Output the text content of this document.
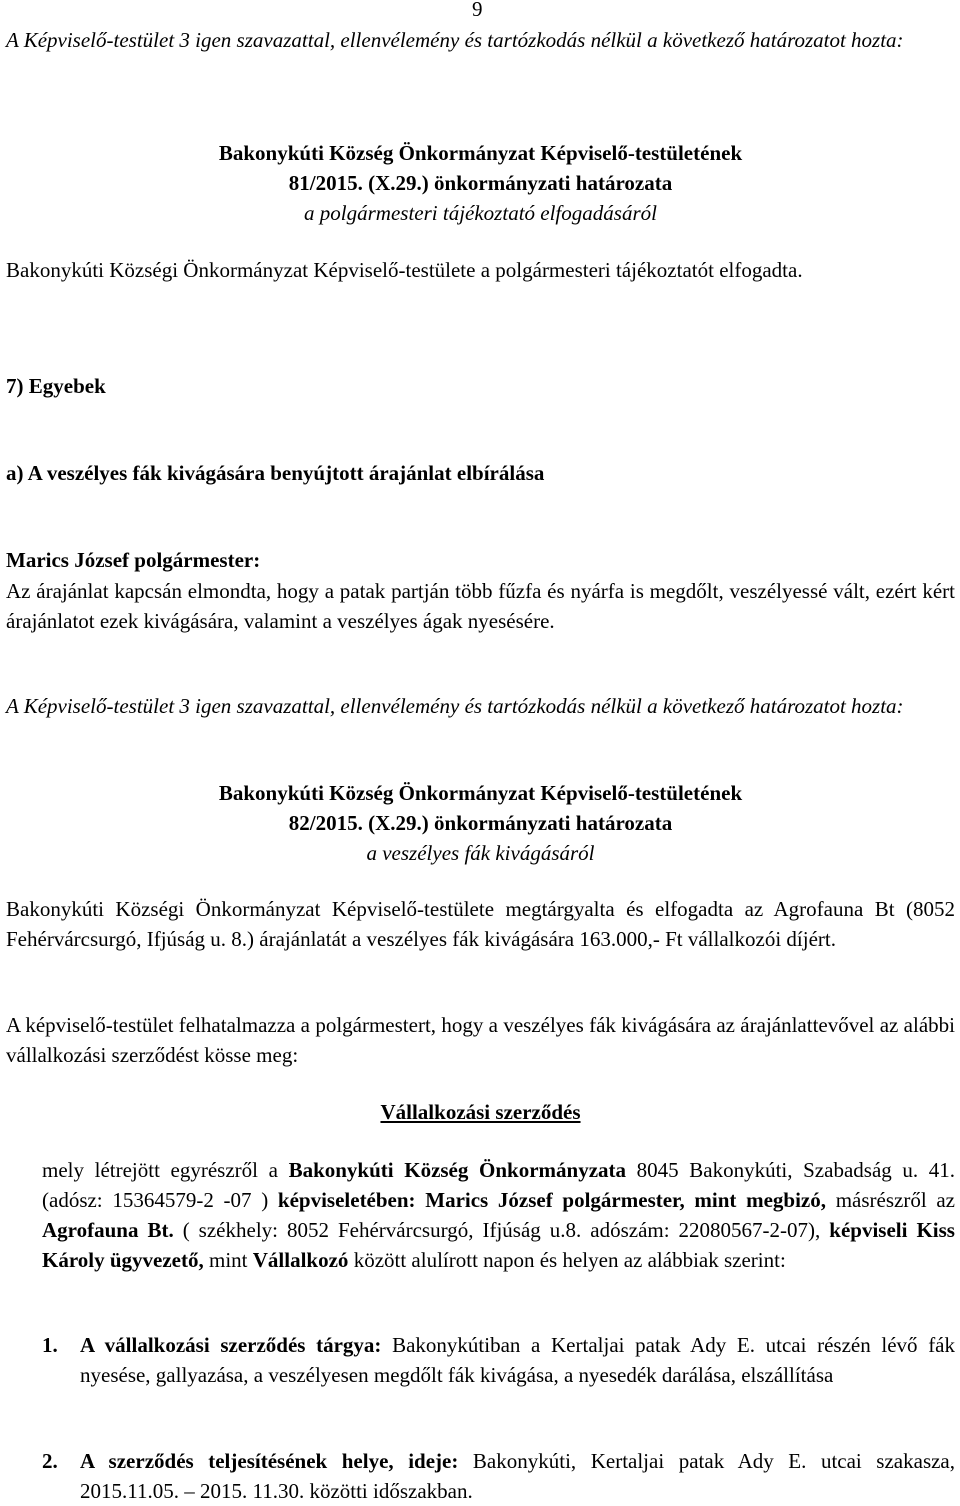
9
A Képviselő-testület 3 igen szavazattal, ellenvélemény és tartózkodás nélkül a következő határozatot hozta:
Bakonykúti Község Önkormányzat Képviselő-testületének
81/2015. (X.29.) önkormányzati határozata
a polgármesteri tájékoztató elfogadásáról
Bakonykúti Községi Önkormányzat Képviselő-testülete a polgármesteri tájékoztatót elfogadta.
7) Egyebek
a) A veszélyes fák kivágására benyújtott árajánlat elbírálása
Marics József polgármester:
Az árajánlat kapcsán elmondta, hogy a patak partján több fűzfa és nyárfa is megdőlt, veszélyessé vált, ezért kért árajánlatot ezek kivágására, valamint a veszélyes ágak nyesésére.
A Képviselő-testület 3 igen szavazattal, ellenvélemény és tartózkodás nélkül a következő határozatot hozta:
Bakonykúti Község Önkormányzat Képviselő-testületének
82/2015. (X.29.) önkormányzati határozata
a veszélyes fák kivágásáról
Bakonykúti Községi Önkormányzat Képviselő-testülete megtárgyalta és elfogadta az Agrofauna Bt (8052 Fehérvárcsurgó, Ifjúság u. 8.) árajánlatát a veszélyes fák kivágására 163.000,- Ft vállalkozói díjért.
A képviselő-testület felhatalmazza a polgármestert, hogy a veszélyes fák kivágására az árajánlattevővel az alábbi vállalkozási szerződést kösse meg:
Vállalkozási szerződés
mely létrejött egyrészről a Bakonykúti Község Önkormányzata 8045 Bakonykúti, Szabadság u. 41. (adósz: 15364579-2 -07 ) képviseletében: Marics József polgármester, mint megbizó, másrészről az Agrofauna Bt. ( székhely: 8052 Fehérvárcsurgó, Ifjúság u.8. adószám: 22080567-2-07), képviseli Kiss Károly ügyvezető, mint Vállalkozó között alulírott napon és helyen az alábbiak szerint:
1. A vállalkozási szerződés tárgya: Bakonykútiban a Kertaljai patak Ady E. utcai részén lévő fák nyesése, gallyazása, a veszélyesen megdőlt fák kivágása, a nyesedék darálása, elszállítása
2. A szerződés teljesítésének helye, ideje: Bakonykúti, Kertaljai patak Ady E. utcai szakasza, 2015.11.05. – 2015. 11.30. közötti időszakban.
